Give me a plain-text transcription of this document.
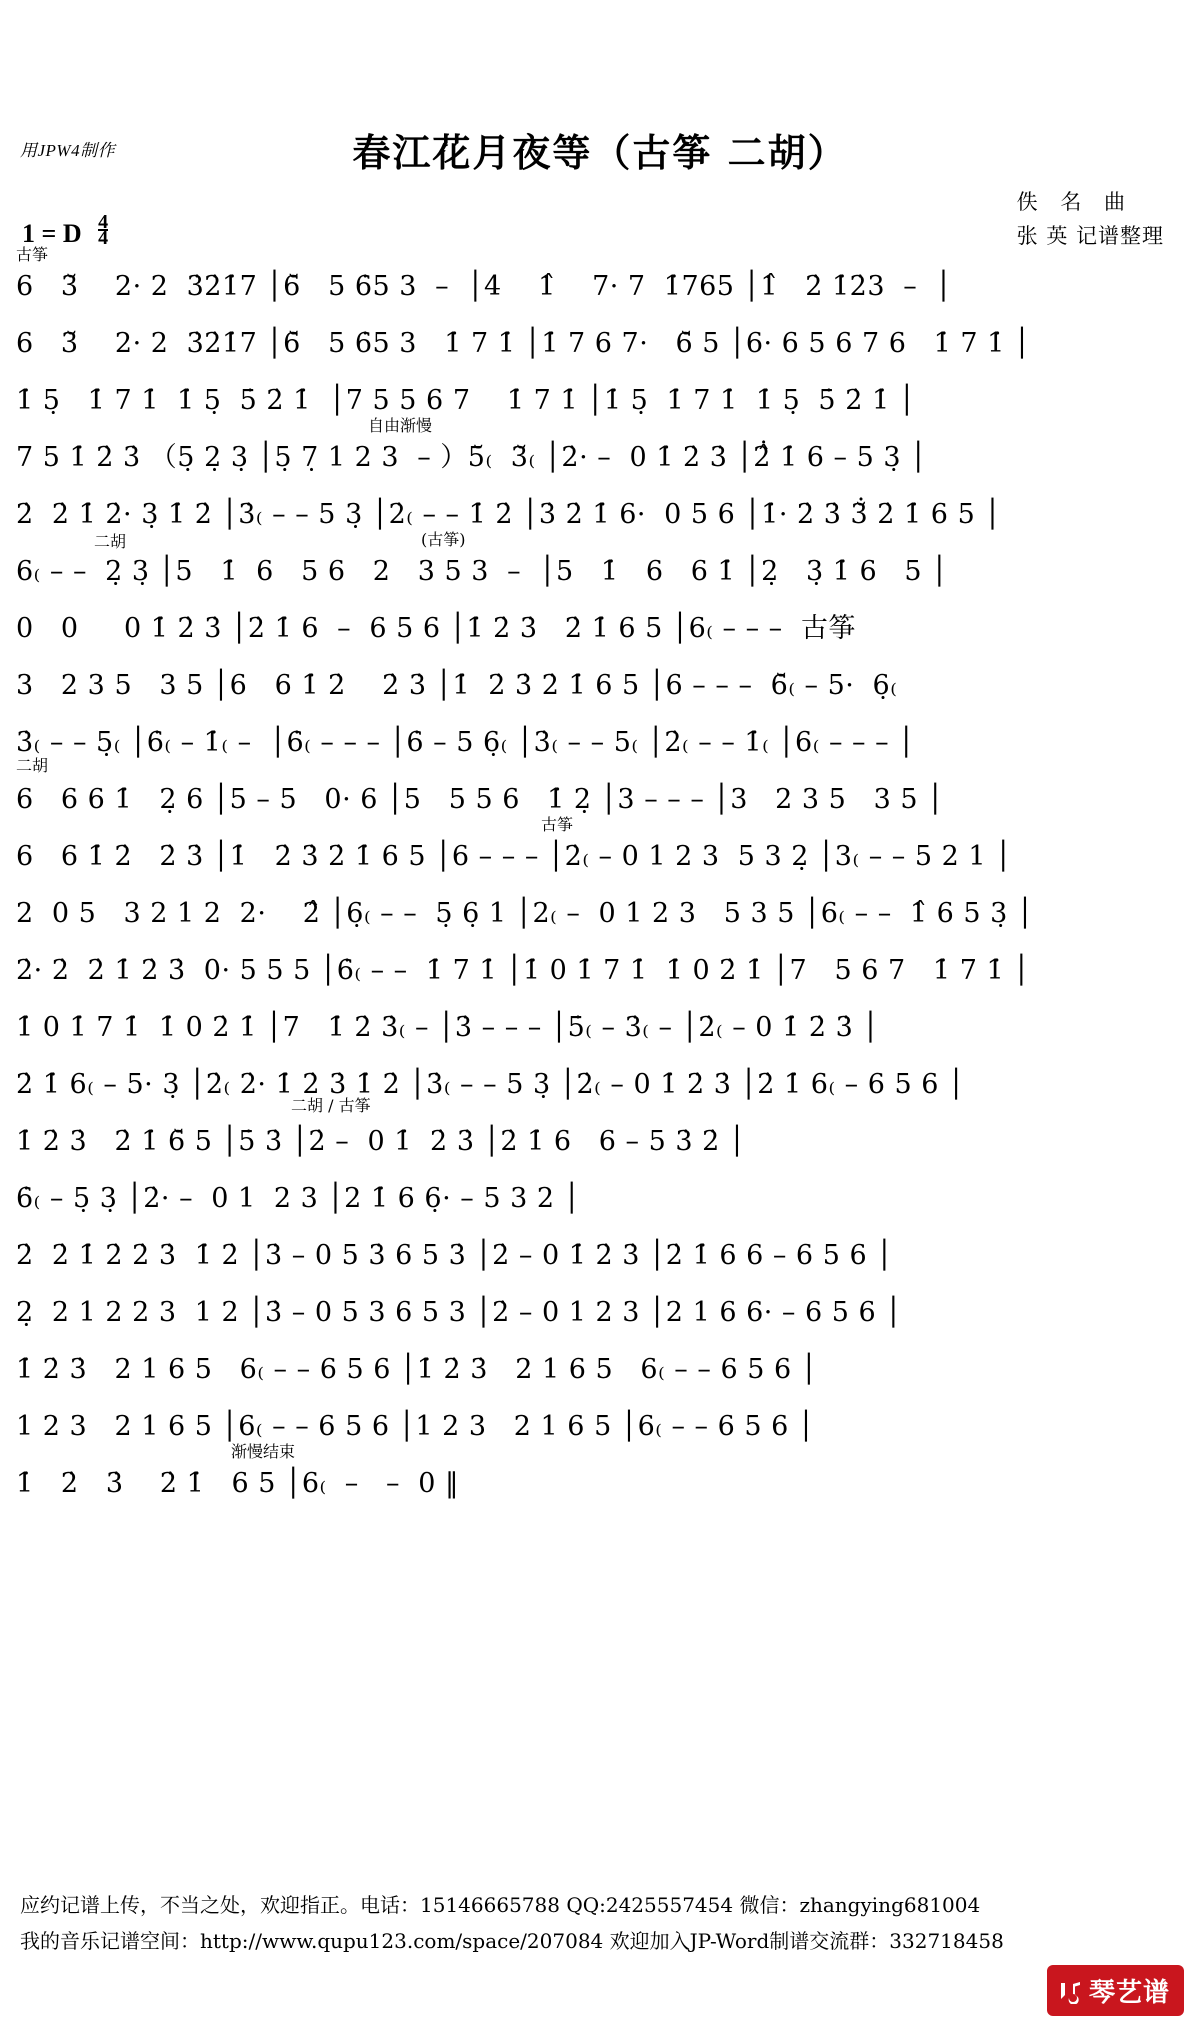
用JPW4制作	春江花月夜等（古筝 二胡）
佚 名 曲
张 英 记谱整理
1 = D $\frac{4}{4}$
古筝
6   3̆    2· 2  3̇2̇1̇7 │6̆   5 6̇5 3  –  │4    1̂    7· 7  1̇765 │1̂   2̇ 1̇2̇3  –  │
6   3̆    2· 2  3̇2̇1̇7 │6̆   5 6̇5 3   1̇ 7 1̇ │1̇ 7 6 7·   6̆ 5 │6· 6 5 6 7 6   1̇ 7 1̇ │
1̇ 5̣   1̇ 7 1̇  1̇ 5̣  5̇ 2̇ 1̇  │7 5 5 6 7    1̇ 7 1̇ │1̇ 5̣  1̇ 7 1̇  1̇ 5̣  5̇ 2̇ 1̇ │
自由渐慢
7 5 1̇ 2̇ 3̇ （5̣ 2̣ 3̣ │5̣ 7̣ 1 2 3  – ）5̆₍  3̆₍ │2̇· –  0 1̇ 2̇ 3̇ │2̂̇ 1̇ 6 – 5 3̣ │
2̇  2̇ 1̇ 2̇· 3̣ 1̇ 2̇ │3̇₍ – – 5 3̣ │2̇₍ – – 1̇ 2̇ │3̇ 2̇ 1̇ 6·  0 5 6 │1̇· 2̇ 3̇ 3̆̇ 2̇ 1̇ 6 5 │
二胡	(古筝)
6₍ – –  2̣ 3̣ │5   1̇  6   5 6   2   3 5 3  –  │5   1̇   6   6 1̇ │2̣   3̣ 1̇ 6   5 │
0   0     0 1̇ 2̇ 3̇ │2̇ 1̇ 6  –  6 5 6 │1̇ 2̇ 3̇   2̇ 1̇ 6 5 │6₍ – – –  古筝
3   2 3 5   3 5 │6   6 1̇ 2̇    2̇ 3̇ │1̇  2̇ 3̇ 2̇ 1̇ 6 5 │6 – – –  6̆₍ – 5·  6̣₍
3̇₍ – – 5̣₍ │6̇₍ – 1̇₍ –  │6̇₍ – – – │6̇ – 5 6̣₍ │3̇₍ – – 5₍ │2̇₍ – – 1̇₍ │6₍ – – – │
二胡
6   6 6 1̇   2̣ 6 │5 – 5   0· 6 │5   5 5 6   1̇ 2̣ │3 – – – │3   2 3 5   3 5 │
古筝
6   6 1̇ 2̇   2̇ 3̇ │1̇   2̇ 3̇ 2̇ 1̇ 6 5 │6 – – – │2̇₍ – 0 1 2 3  5 3 2̣ │3₍ – – 5 2 1 │
2  0 5   3 2 1 2  2·    2̂ │6̣₍ – –  5̣ 6̣ 1 │2₍ –  0 1 2 3   5 3 5 │6₍ – –  1̂ 6 5 3̣ │
2̇· 2̇  2̇ 1̇ 2̇ 3̇  0· 5 5 5 │6̇₍ – –  1̇ 7 1̇ │1̇ 0 1̇ 7 1̇  1̇ 0 2̇ 1̇ │7   5 6 7   1̇ 7 1̇ │
1̇ 0 1̇ 7 1̇  1̇ 0 2̇ 1̇ │7   1̇ 2̇ 3̇₍ – │3̇ – – – │5̇₍ – 3̇₍ – │2̇₍ – 0 1̇ 2̇ 3̇ │
2̇ 1̇ 6₍ – 5· 3̣ │2̇₍ 2̇· 1̇ 2̇ 3̇ 1̇ 2̇ │3̇₍ – – 5 3̣ │2̇₍ – 0 1̇ 2̇ 3̇ │2̇ 1̇ 6₍ – 6 5 6 │
二胡 / 古筝
1̇ 2̇ 3̇   2̇ 1̇ 6̆ 5 │5̇ 3̇ │2̇ –  0 1̇  2̇ 3̇ │2̇ 1̇ 6   6 – 5 3̇ 2̇ │
6̇₍ – 5̣ 3̣ │2̇· –  0 1  2 3 │2 1̇ 6 6̣· – 5 3 2 │
2̇  2̇ 1̇ 2̇ 2̇ 3̇  1̇ 2̇ │3̇ – 0 5 3̇ 6 5 3̇ │2̇ – 0 1̇ 2̇ 3̇ │2̇ 1̇ 6 6 – 6 5 6 │
2̣  2 1 2 2 3  1 2 │3̇ – 0 5 3 6 5 3 │2̇ – 0 1 2 3 │2 1 6 6· – 6 5 6 │
1̇ 2̇ 3̇   2 1 6 5   6₍ – – 6 5 6 │1̇ 2̇ 3̇   2 1 6 5   6₍ – – 6 5 6 │
1 2 3   2 1 6 5 │6₍ – – 6 5 6 │1 2 3   2 1 6 5 │6₍ – – 6 5 6 │
渐慢结束
1̇   2̇   3̇    2̇ 1̇   6 5 │6₍  –   –  0 ‖
应约记谱上传，不当之处，欢迎指正。电话：15146665788 QQ:2425557454 微信：zhangying681004
我的音乐记谱空间：http://www.qupu123.com/space/207084 欢迎加入JP-Word制谱交流群：332718458
琴艺谱
